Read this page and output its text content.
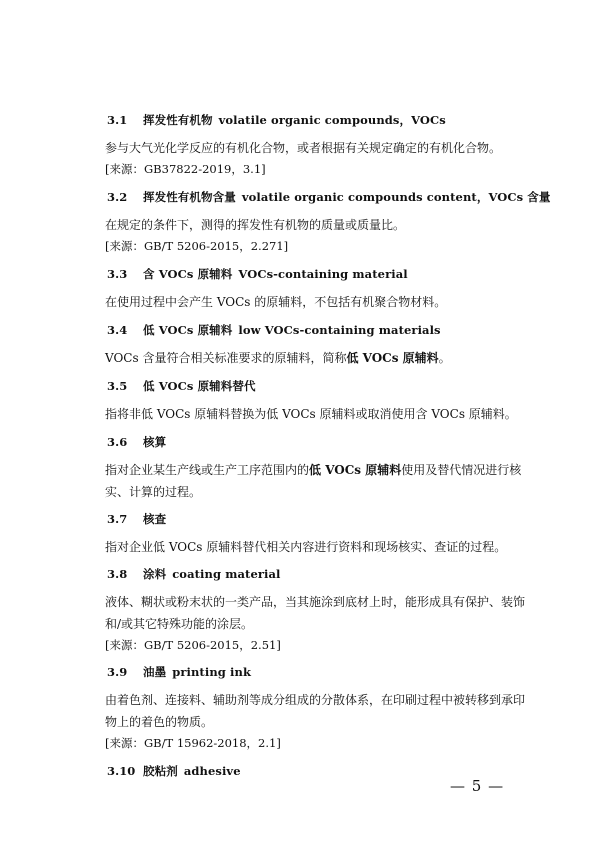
3.1 挥发性有机物 volatile organic compounds，VOCs
参与大气光化学反应的有机化合物，或者根据有关规定确定的有机化合物。
[来源：GB37822-2019，3.1]
3.2 挥发性有机物含量 volatile organic compounds content，VOCs 含量
在规定的条件下，测得的挥发性有机物的质量或质量比。
[来源：GB/T 5206-2015，2.271]
3.3 含 VOCs 原辅料 VOCs-containing material
在使用过程中会产生 VOCs 的原辅料，不包括有机聚合物材料。
3.4 低 VOCs 原辅料 low VOCs-containing materials
VOCs 含量符合相关标准要求的原辅料，简称低 VOCs 原辅料。
3.5 低 VOCs 原辅料替代
指将非低 VOCs 原辅料替换为低 VOCs 原辅料或取消使用含 VOCs 原辅料。
3.6 核算
指对企业某生产线或生产工序范围内的低 VOCs 原辅料使用及替代情况进行核
实、计算的过程。
3.7 核查
指对企业低 VOCs 原辅料替代相关内容进行资料和现场核实、查证的过程。
3.8 涂料 coating material
液体、糊状或粉末状的一类产品，当其施涂到底材上时，能形成具有保护、装饰
和/或其它特殊功能的涂层。
[来源：GB/T 5206-2015，2.51]
3.9 油墨 printing ink
由着色剂、连接料、辅助剂等成分组成的分散体系，在印刷过程中被转移到承印
物上的着色的物质。
[来源：GB/T 15962-2018，2.1]
3.10 胶粘剂 adhesive
— 5 —
